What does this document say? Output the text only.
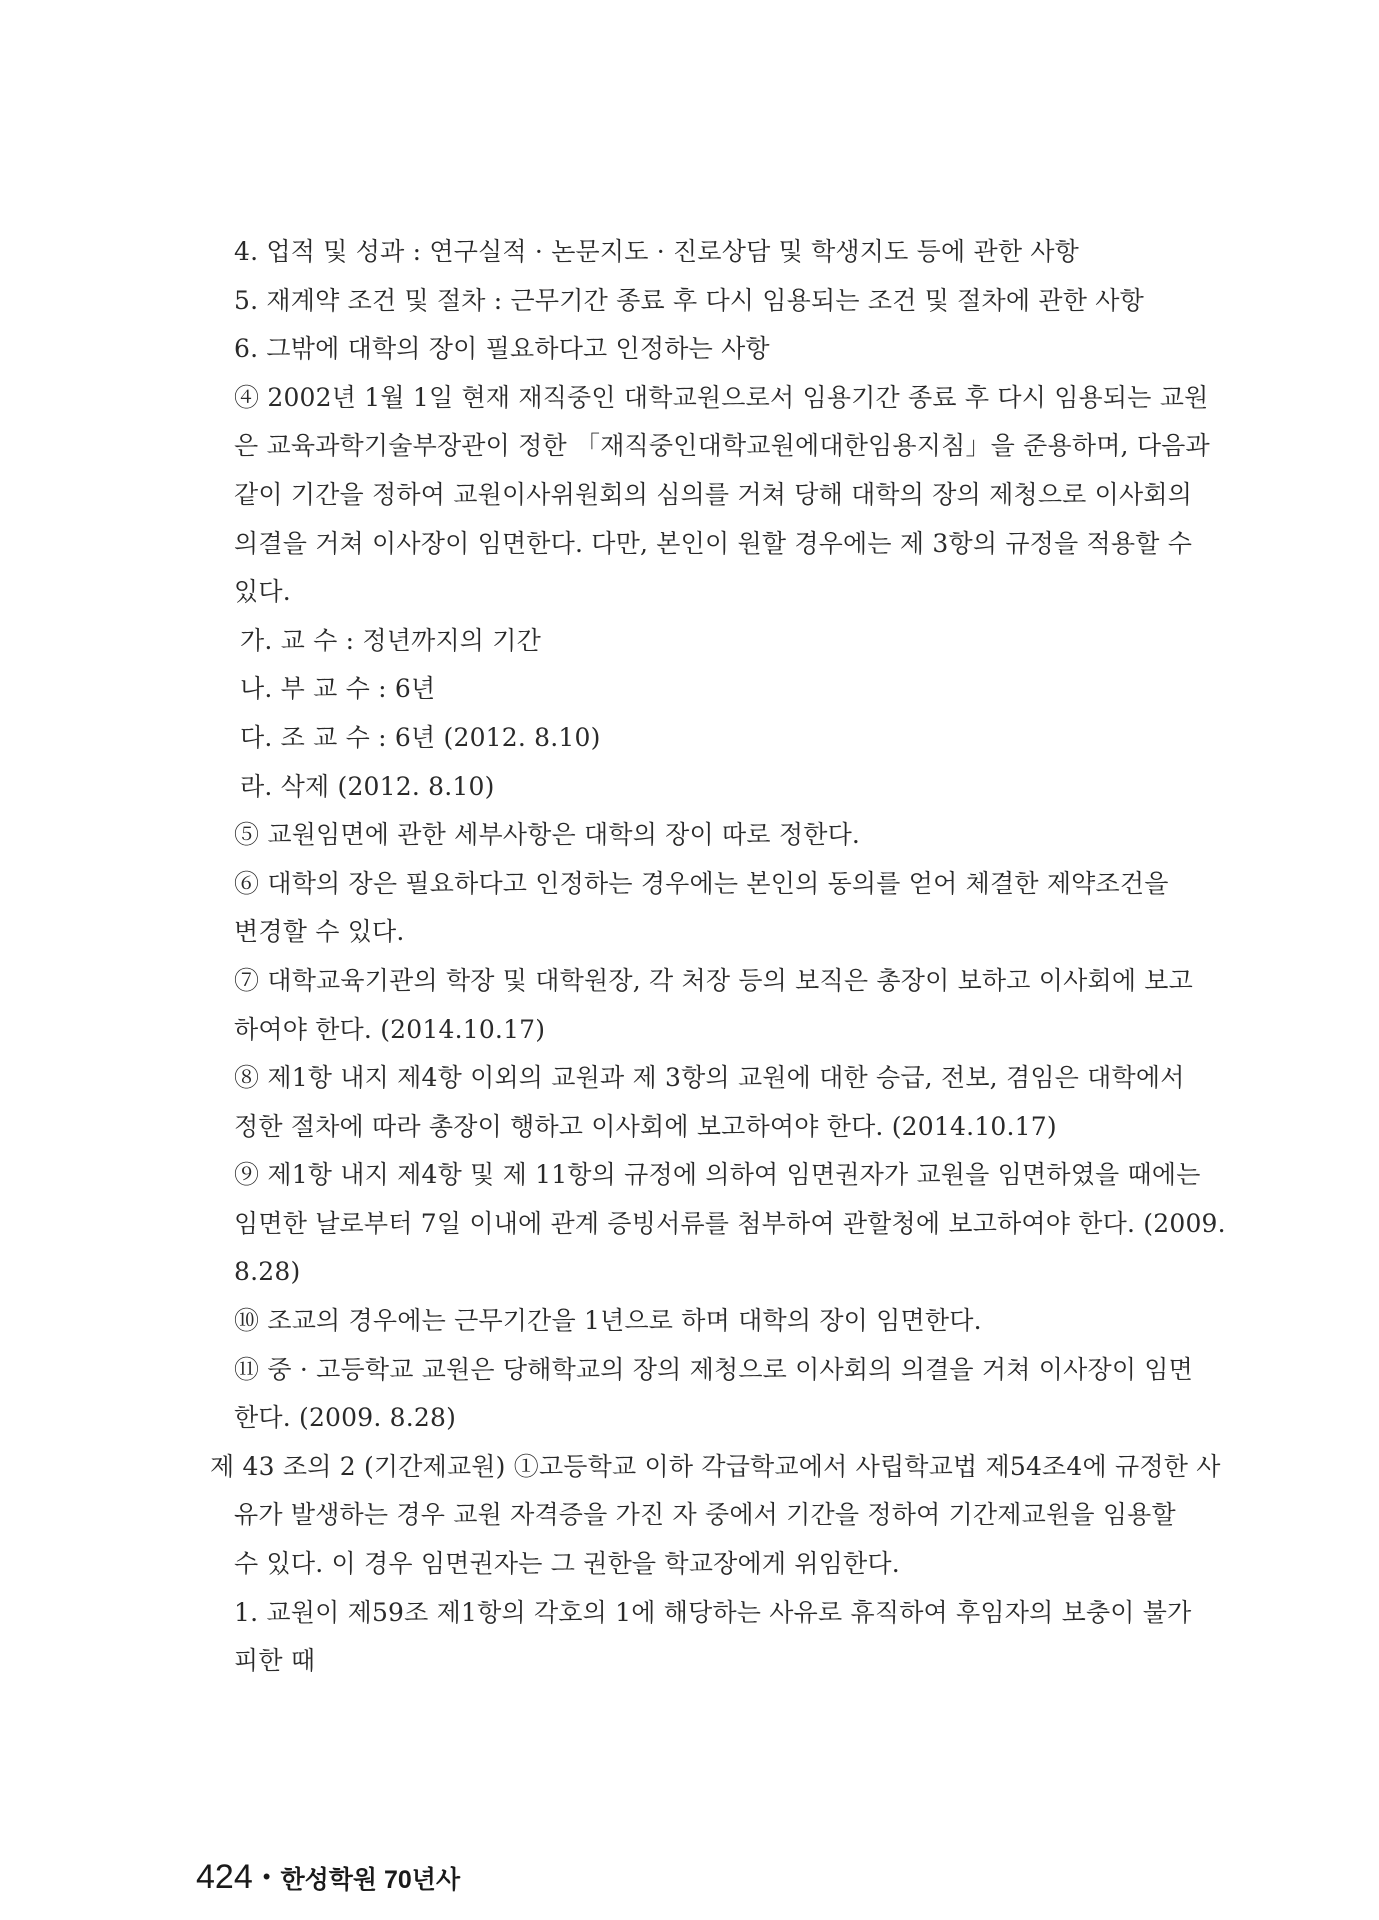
4. 업적 및 성과 : 연구실적 · 논문지도 · 진로상담 및 학생지도 등에 관한 사항
5. 재계약 조건 및 절차 : 근무기간 종료 후 다시 임용되는 조건 및 절차에 관한 사항
6. 그밖에 대학의 장이 필요하다고 인정하는 사항
④ 2002년 1월 1일 현재 재직중인 대학교원으로서 임용기간 종료 후 다시 임용되는 교원
은 교육과학기술부장관이 정한 「재직중인대학교원에대한임용지침」을 준용하며, 다음과
같이 기간을 정하여 교원이사위원회의 심의를 거쳐 당해 대학의 장의 제청으로 이사회의
의결을 거쳐 이사장이 임면한다. 다만, 본인이 원할 경우에는 제 3항의 규정을 적용할 수
있다.
가. 교 수 : 정년까지의 기간
나. 부 교 수 : 6년
다. 조 교 수 : 6년 (2012. 8.10)
라. 삭제 (2012. 8.10)
⑤ 교원임면에 관한 세부사항은 대학의 장이 따로 정한다.
⑥ 대학의 장은 필요하다고 인정하는 경우에는 본인의 동의를 얻어 체결한 제약조건을
변경할 수 있다.
⑦ 대학교육기관의 학장 및 대학원장, 각 처장 등의 보직은 총장이 보하고 이사회에 보고
하여야 한다. (2014.10.17)
⑧ 제1항 내지 제4항 이외의 교원과 제 3항의 교원에 대한 승급, 전보, 겸임은 대학에서
정한 절차에 따라 총장이 행하고 이사회에 보고하여야 한다. (2014.10.17)
⑨ 제1항 내지 제4항 및 제 11항의 규정에 의하여 임면권자가 교원을 임면하였을 때에는
임면한 날로부터 7일 이내에 관계 증빙서류를 첨부하여 관할청에 보고하여야 한다. (2009.
8.28)
⑩ 조교의 경우에는 근무기간을 1년으로 하며 대학의 장이 임면한다.
⑪ 중 · 고등학교 교원은 당해학교의 장의 제청으로 이사회의 의결을 거쳐 이사장이 임면
한다. (2009. 8.28)
제 43 조의 2 (기간제교원) ①고등학교 이하 각급학교에서 사립학교법 제54조4에 규정한 사
유가 발생하는 경우 교원 자격증을 가진 자 중에서 기간을 정하여 기간제교원을 임용할
수 있다. 이 경우 임면권자는 그 권한을 학교장에게 위임한다.
1. 교원이 제59조 제1항의 각호의 1에 해당하는 사유로 휴직하여 후임자의 보충이 불가
피한 때
424 • 한성학원 70년사
